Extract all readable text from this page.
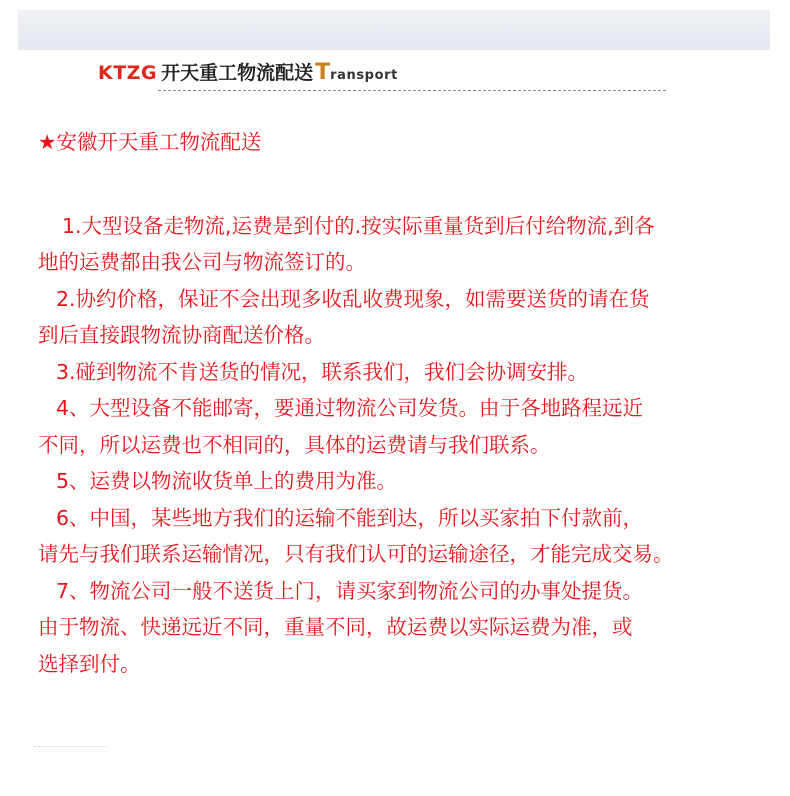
KTZG 开天重工物流配送 T ransport
★安徽开天重工物流配送

1.大型设备走物流,运费是到付的.按实际重量货到后付给物流,到各
地的运费都由我公司与物流签订的。

2.协约价格，保证不会出现多收乱收费现象，如需要送货的请在货
到后直接跟物流协商配送价格。

3.碰到物流不肯送货的情况，联系我们，我们会协调安排。

4、大型设备不能邮寄，要通过物流公司发货。由于各地路程远近
不同，所以运费也不相同的，具体的运费请与我们联系。

5、运费以物流收货单上的费用为准。

6、中国，某些地方我们的运输不能到达，所以买家拍下付款前，
请先与我们联系运输情况，只有我们认可的运输途径，才能完成交易。

7、物流公司一般不送货上门，请买家到物流公司的办事处提货。
由于物流、快递远近不同，重量不同，故运费以实际运费为准，或
选择到付。
